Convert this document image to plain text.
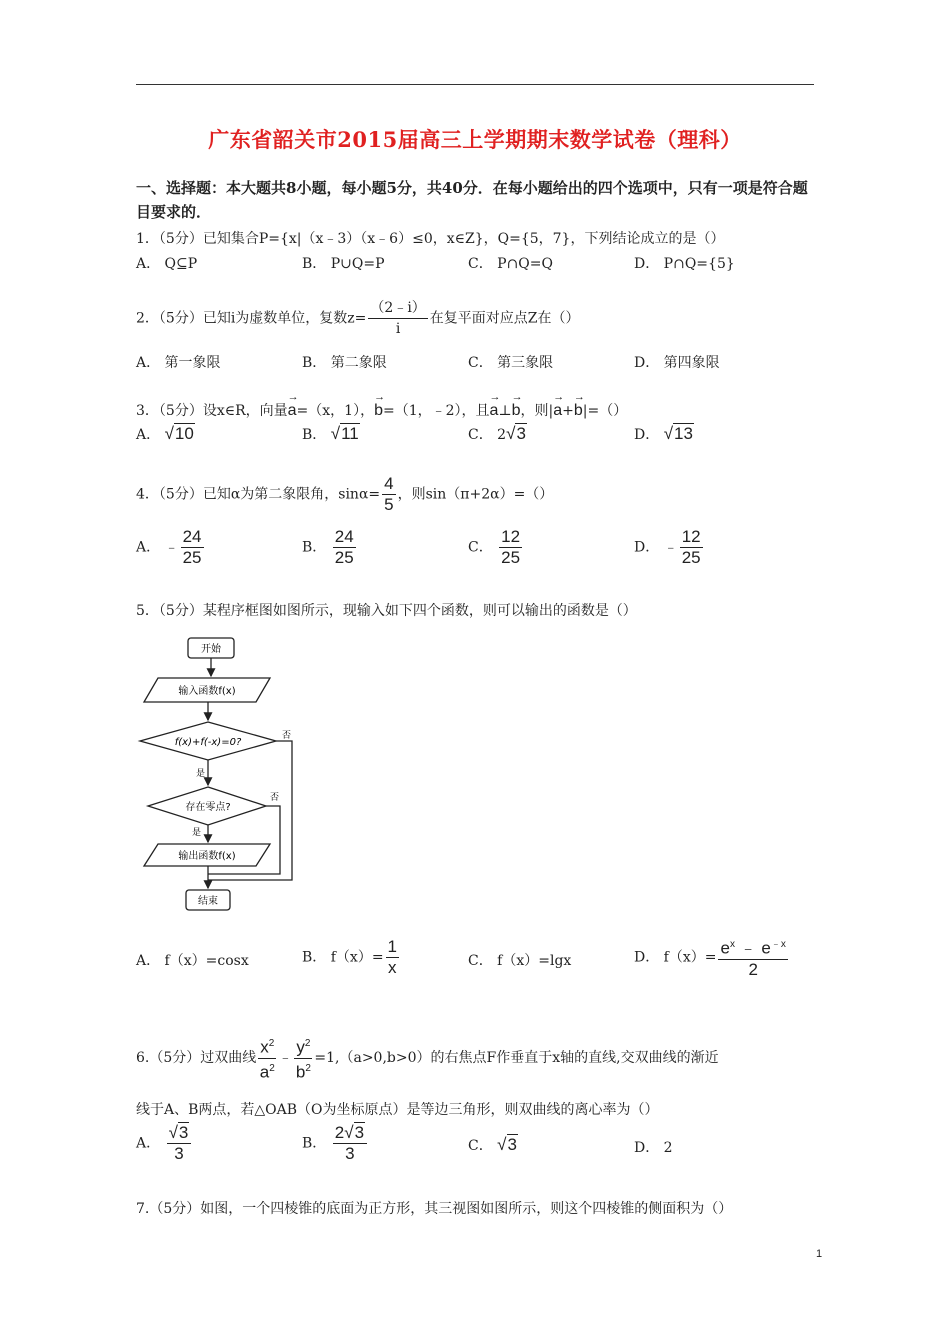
广东省韶关市2015届高三上学期期末数学试卷（理科）
一、选择题：本大题共8小题，每小题5分，共40分．在每小题给出的四个选项中，只有一项是符合题目要求的．
1．（5分）已知集合P={x|（x﹣3）（x﹣6）≤0，x∈Z}，Q={5，7}，下列结论成立的是（）
A． Q⊆P	B． P∪Q=P	C． P∩Q=Q	D． P∩Q={5}
2．（5分）已知i为虚数单位，复数$z= \frac{(2﹣i)}{i}$ 在复平面对应点Z在（）
A． 第一象限	B． 第二象限	C． 第三象限	D． 第四象限
3．（5分）设x∈R，向量→ a=（x，1），→ b=（1，﹣2），且→ a⊥→ b，则|→ a+→ b|=（）
A． √10	B． √11	C． 2√3	D． √13
4．（5分）已知α为第二象限角，$\sin\alpha= \frac{4}{5}$ ，则sin（π+2α）=（）
A． ﹣ $\frac{24}{25}$	B． $\frac{24}{25}$	C． $\frac{12}{25}$	D． ﹣ $\frac{12}{25}$
5．（5分）某程序框图如图所示，现输入如下四个函数，则可以输出的函数是（）
开始
输入函数f(x)
f(x)+f(-x)=0?
否
是
存在零点?
否
是
输出函数f(x)
结束
A． f（x）=cosx	B． $f(x)= \frac{1}{x}$	C． f（x）=lgx	D． $f(x)= \frac{e^x ﹣ e^{﹣x}}{2}$
6.（5分）过双曲线 $\frac{x^2}{a^2}$ ﹣ $\frac{y^2}{b^2} =1,(a>0,b>0)$的右焦点F作垂直于x轴的直线,交双曲线的渐近
线于A、B两点，若△OAB（O为坐标原点）是等边三角形，则双曲线的离心率为（）
A． $\frac{√3}{3}$	B． $\frac{2√3}{3}$	C． √3	D． 2
7.（5分）如图，一个四棱锥的底面为正方形，其三视图如图所示，则这个四棱锥的侧面积为（）
1
